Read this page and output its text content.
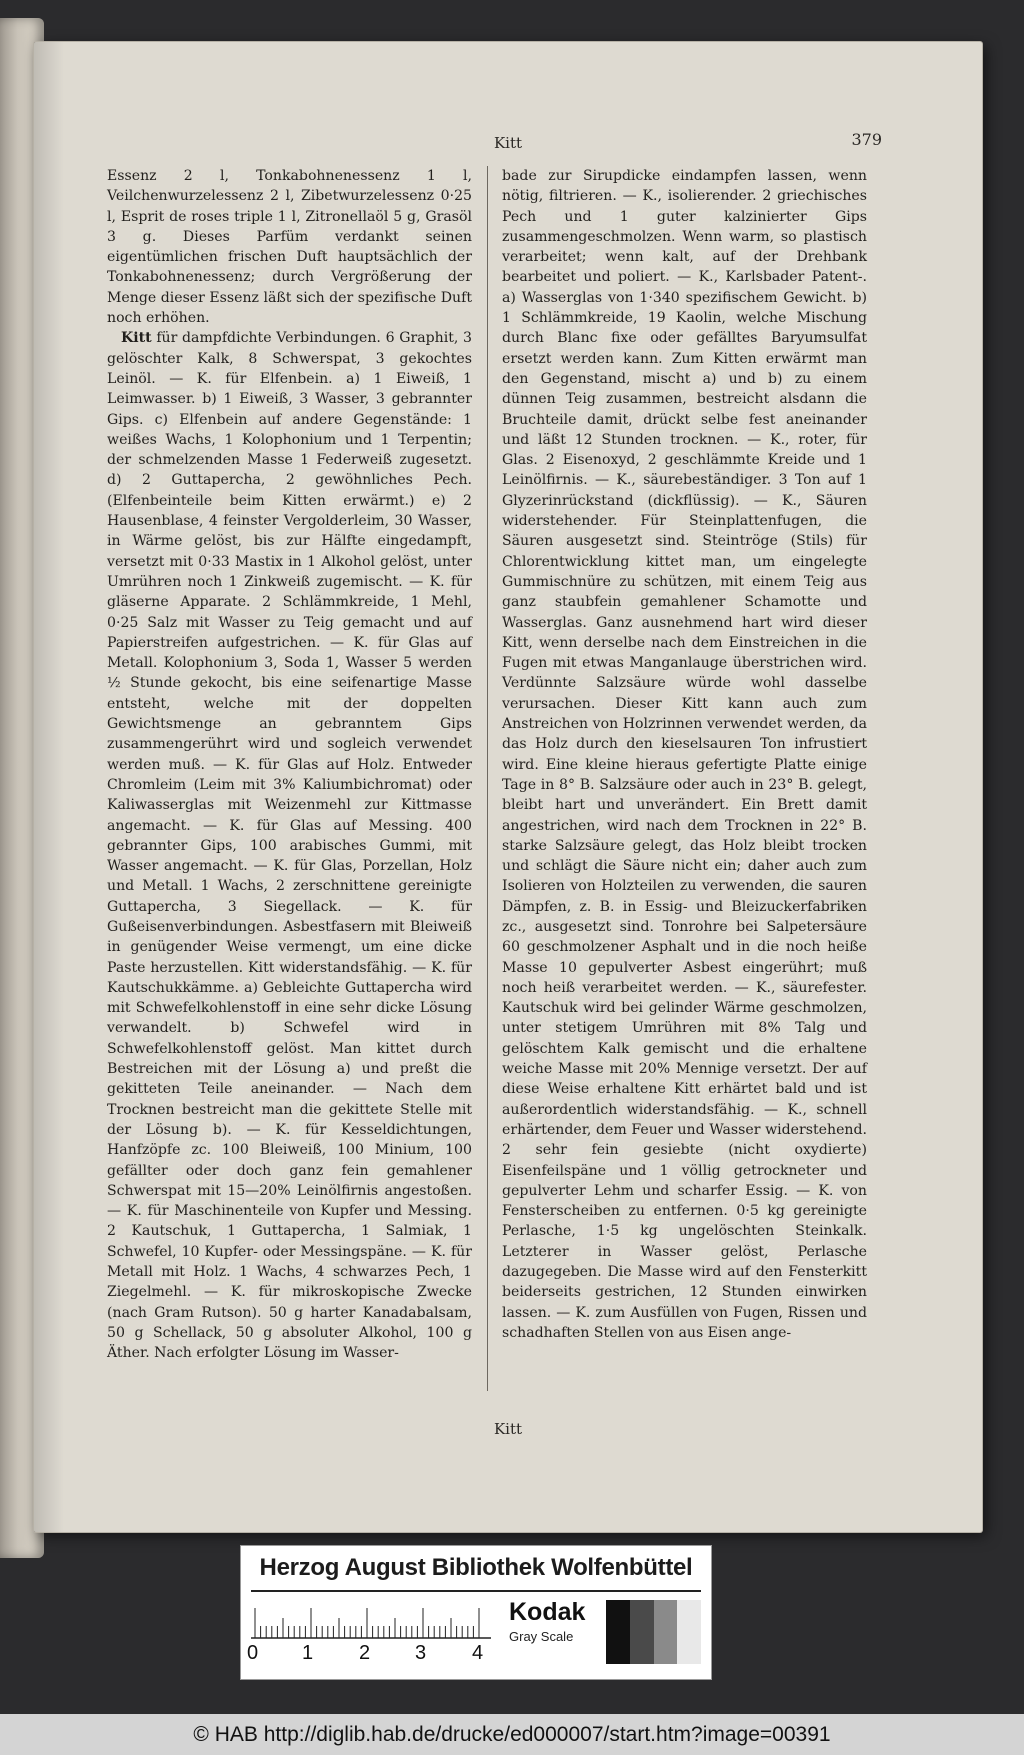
Kitt	379

Essenz 2 l, Tonkabohnenessenz 1 l, Veilchenwurzelessenz 2 l, Zibetwurzelessenz 0·25 l, Esprit de roses triple 1 l, Zitronellaöl 5 g, Grasöl 3 g. Dieses Parfüm verdankt seinen eigentümlichen frischen Duft hauptsächlich der Tonkabohnenessenz; durch Vergrößerung der Menge dieser Essenz läßt sich der spezifische Duft noch erhöhen.

Kitt für dampfdichte Verbindungen. 6 Graphit, 3 gelöschter Kalk, 8 Schwerspat, 3 gekochtes Leinöl. — K. für Elfenbein. a) 1 Eiweiß, 1 Leimwasser. b) 1 Eiweiß, 3 Wasser, 3 gebrannter Gips. c) Elfenbein auf andere Gegenstände: 1 weißes Wachs, 1 Kolophonium und 1 Terpentin; der schmelzenden Masse 1 Federweiß zugesetzt. d) 2 Guttapercha, 2 gewöhnliches Pech. (Elfenbeinteile beim Kitten erwärmt.) e) 2 Hausenblase, 4 feinster Vergolderleim, 30 Wasser, in Wärme gelöst, bis zur Hälfte eingedampft, versetzt mit 0·33 Mastix in 1 Alkohol gelöst, unter Umrühren noch 1 Zinkweiß zugemischt. — K. für gläserne Apparate. 2 Schlämmkreide, 1 Mehl, 0·25 Salz mit Wasser zu Teig gemacht und auf Papierstreifen aufgestrichen. — K. für Glas auf Metall. Kolophonium 3, Soda 1, Wasser 5 werden ½ Stunde gekocht, bis eine seifenartige Masse entsteht, welche mit der doppelten Gewichtsmenge an gebranntem Gips zusammengerührt wird und sogleich verwendet werden muß. — K. für Glas auf Holz. Entweder Chromleim (Leim mit 3% Kaliumbichromat) oder Kaliwasserglas mit Weizenmehl zur Kittmasse angemacht. — K. für Glas auf Messing. 400 gebrannter Gips, 100 arabisches Gummi, mit Wasser angemacht. — K. für Glas, Porzellan, Holz und Metall. 1 Wachs, 2 zerschnittene gereinigte Guttapercha, 3 Siegellack. — K. für Gußeisenverbindungen. Asbestfasern mit Bleiweiß in genügender Weise vermengt, um eine dicke Paste herzustellen. Kitt widerstandsfähig. — K. für Kautschukkämme. a) Gebleichte Guttapercha wird mit Schwefelkohlenstoff in eine sehr dicke Lösung verwandelt. b) Schwefel wird in Schwefelkohlenstoff gelöst. Man kittet durch Bestreichen mit der Lösung a) und preßt die gekitteten Teile aneinander. — Nach dem Trocknen bestreicht man die gekittete Stelle mit der Lösung b). — K. für Kesseldichtungen, Hanfzöpfe zc. 100 Bleiweiß, 100 Minium, 100 gefällter oder doch ganz fein gemahlener Schwerspat mit 15—20% Leinölfirnis angestoßen. — K. für Maschinenteile von Kupfer und Messing. 2 Kautschuk, 1 Guttapercha, 1 Salmiak, 1 Schwefel, 10 Kupfer- oder Messingspäne. — K. für Metall mit Holz. 1 Wachs, 4 schwarzes Pech, 1 Ziegelmehl. — K. für mikroskopische Zwecke (nach Gram Rutson). 50 g harter Kanadabalsam, 50 g Schellack, 50 g absoluter Alkohol, 100 g Äther. Nach erfolgter Lösung im Wasser-

bade zur Sirupdicke eindampfen lassen, wenn nötig, filtrieren. — K., isolierender. 2 griechisches Pech und 1 guter kalzinierter Gips zusammengeschmolzen. Wenn warm, so plastisch verarbeitet; wenn kalt, auf der Drehbank bearbeitet und poliert. — K., Karlsbader Patent-. a) Wasserglas von 1·340 spezifischem Gewicht. b) 1 Schlämmkreide, 19 Kaolin, welche Mischung durch Blanc fixe oder gefälltes Baryumsulfat ersetzt werden kann. Zum Kitten erwärmt man den Gegenstand, mischt a) und b) zu einem dünnen Teig zusammen, bestreicht alsdann die Bruchteile damit, drückt selbe fest aneinander und läßt 12 Stunden trocknen. — K., roter, für Glas. 2 Eisenoxyd, 2 geschlämmte Kreide und 1 Leinölfirnis. — K., säurebeständiger. 3 Ton auf 1 Glyzerinrückstand (dickflüssig). — K., Säuren widerstehender. Für Steinplattenfugen, die Säuren ausgesetzt sind. Steintröge (Stils) für Chlorentwicklung kittet man, um eingelegte Gummischnüre zu schützen, mit einem Teig aus ganz staubfein gemahlener Schamotte und Wasserglas. Ganz ausnehmend hart wird dieser Kitt, wenn derselbe nach dem Einstreichen in die Fugen mit etwas Manganlauge überstrichen wird. Verdünnte Salzsäure würde wohl dasselbe verursachen. Dieser Kitt kann auch zum Anstreichen von Holzrinnen verwendet werden, da das Holz durch den kieselsauren Ton infrustiert wird. Eine kleine hieraus gefertigte Platte einige Tage in 8° B. Salzsäure oder auch in 23° B. gelegt, bleibt hart und unverändert. Ein Brett damit angestrichen, wird nach dem Trocknen in 22° B. starke Salzsäure gelegt, das Holz bleibt trocken und schlägt die Säure nicht ein; daher auch zum Isolieren von Holzteilen zu verwenden, die sauren Dämpfen, z. B. in Essig- und Bleizuckerfabriken zc., ausgesetzt sind. Tonrohre bei Salpetersäure 60 geschmolzener Asphalt und in die noch heiße Masse 10 gepulverter Asbest eingerührt; muß noch heiß verarbeitet werden. — K., säurefester. Kautschuk wird bei gelinder Wärme geschmolzen, unter stetigem Umrühren mit 8% Talg und gelöschtem Kalk gemischt und die erhaltene weiche Masse mit 20% Mennige versetzt. Der auf diese Weise erhaltene Kitt erhärtet bald und ist außerordentlich widerstandsfähig. — K., schnell erhärtender, dem Feuer und Wasser widerstehend. 2 sehr fein gesiebte (nicht oxydierte) Eisenfeilspäne und 1 völlig getrockneter und gepulverter Lehm und scharfer Essig. — K. von Fensterscheiben zu entfernen. 0·5 kg gereinigte Perlasche, 1·5 kg ungelöschten Steinkalk. Letzterer in Wasser gelöst, Perlasche dazugegeben. Die Masse wird auf den Fensterkitt beiderseits gestrichen, 12 Stunden einwirken lassen. — K. zum Ausfüllen von Fugen, Rissen und schadhaften Stellen von aus Eisen ange-

Kitt
Herzog August Bibliothek Wolfenbüttel
0 1 2 3 4
Kodak
Gray Scale
© HAB http://diglib.hab.de/drucke/ed000007/start.htm?image=00391
